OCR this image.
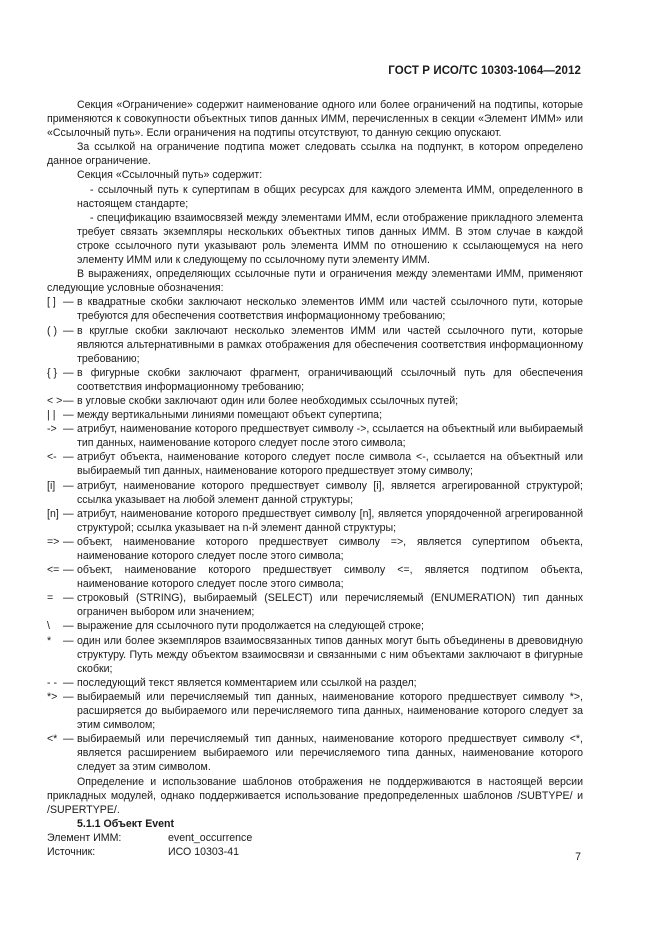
ГОСТ Р ИСО/ТС 10303-1064—2012

Секция «Ограничение» содержит наименование одного или более ограничений на подтипы, которые применяются к совокупности объектных типов данных ИММ, перечисленных в секции «Элемент ИММ» или «Ссылочный путь». Если ограничения на подтипы отсутствуют, то данную секцию опускают.

За ссылкой на ограничение подтипа может следовать ссылка на подпункт, в котором определено данное ограничение.

Секция «Ссылочный путь» содержит:

- ссылочный путь к супертипам в общих ресурсах для каждого элемента ИММ, определенного в настоящем стандарте;

- спецификацию взаимосвязей между элементами ИММ, если отображение прикладного элемента требует связать экземпляры нескольких объектных типов данных ИММ. В этом случае в каждой строке ссылочного пути указывают роль элемента ИММ по отношению к ссылающемуся на него элементу ИММ или к следующему по ссылочному пути элементу ИММ.

В выражениях, определяющих ссылочные пути и ограничения между элементами ИММ, применяют следующие условные обозначения:

[ ] — в квадратные скобки заключают несколько элементов ИММ или частей ссылочного пути, которые требуются для обеспечения соответствия информационному требованию;
( ) — в круглые скобки заключают несколько элементов ИММ или частей ссылочного пути, которые являются альтернативными в рамках отображения для обеспечения соответствия информационному требованию;
{ } — в фигурные скобки заключают фрагмент, ограничивающий ссылочный путь для обеспечения соответствия информационному требованию;
< > — в угловые скобки заключают один или более необходимых ссылочных путей;
| | — между вертикальными линиями помещают объект супертипа;
-> — атрибут, наименование которого предшествует символу ->, ссылается на объектный или выбираемый тип данных, наименование которого следует после этого символа;
<- — атрибут объекта, наименование которого следует после символа <-, ссылается на объектный или выбираемый тип данных, наименование которого предшествует этому символу;
[i] — атрибут, наименование которого предшествует символу [i], является агрегированной структурой; ссылка указывает на любой элемент данной структуры;
[n] — атрибут, наименование которого предшествует символу [n], является упорядоченной агрегированной структурой; ссылка указывает на n-й элемент данной структуры;
=> — объект, наименование которого предшествует символу =>, является супертипом объекта, наименование которого следует после этого символа;
<= — объект, наименование которого предшествует символу <=, является подтипом объекта, наименование которого следует после этого символа;
= — строковый (STRING), выбираемый (SELECT) или перечисляемый (ENUMERATION) тип данных ограничен выбором или значением;
\	— выражение для ссылочного пути продолжается на следующей строке;
*	— один или более экземпляров взаимосвязанных типов данных могут быть объединены в древовидную структуру. Путь между объектом взаимосвязи и связанными с ним объектами заключают в фигурные скобки;
- - — последующий текст является комментарием или ссылкой на раздел;
*> — выбираемый или перечисляемый тип данных, наименование которого предшествует символу *>, расширяется до выбираемого или перечисляемого типа данных, наименование которого следует за этим символом;
<* — выбираемый или перечисляемый тип данных, наименование которого предшествует символу <*, является расширением выбираемого или перечисляемого типа данных, наименование которого следует за этим символом.

Определение и использование шаблонов отображения не поддерживаются в настоящей версии прикладных модулей, однако поддерживается использование предопределенных шаблонов /SUBTYPE/ и /SUPERTYPE/.

5.1.1 Объект Event

Элемент ИММ:	event_occurrence
Источник:	ИСО 10303-41	7
